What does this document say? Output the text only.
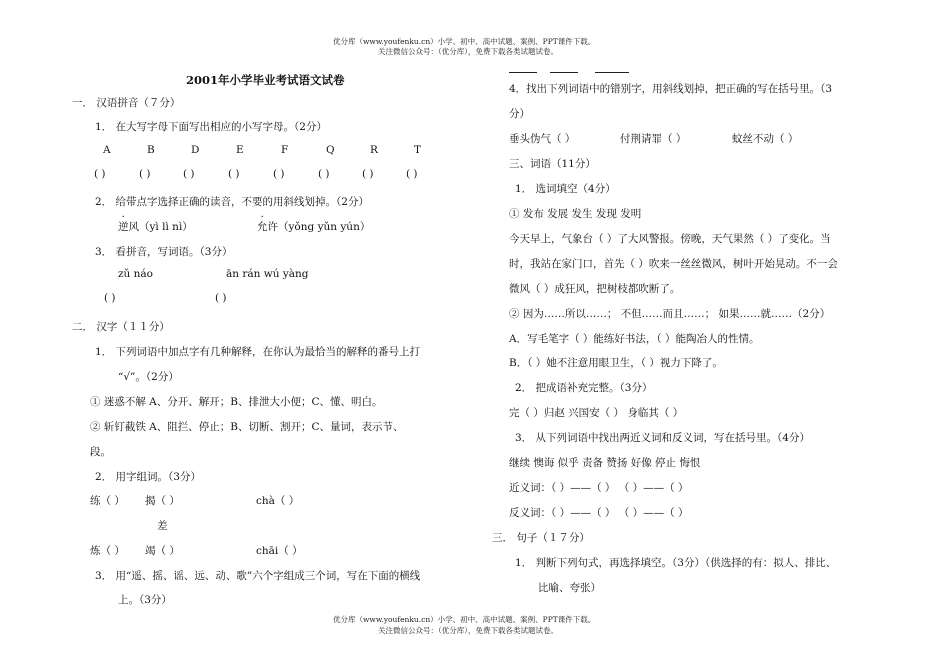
优分库（www.youfenku.cn）小学、初中、高中试题、案例、PPT课件下载。
关注微信公众号：（优分库），免费下载各类试题试卷。
2001年小学毕业考试语文试卷
一． 汉语拼音（７分）
1． 在大写字母下面写出相应的小写字母。（2分）
A	B	D	E	F	Q	R	T
( )	( )	( )	( )	( )	( )	( )	( )
2． 给带点字选择正确的读音，不要的用斜线划掉。（2分）
逆风（yì lì nì）	允许（yǒng yǔn yún）
3． 看拼音，写词语。（3分）
zǔ náo	ān rán wú yàng
( )	( )
二． 汉字（１１分）
1． 下列词语中加点字有几种解释，在你认为最恰当的解释的番号上打
“√”。（2分）
① 迷惑不解 A、分开、解开；B、排泄大小便；C、懂、明白。
② 斩钉截铁 A、阻拦、停止；B、切断、割开；C、量词，表示节、
段。
2． 用字组词。（3分）
练（ ） 揭（ ）	chà（ ）
差
炼（ ） 竭（ ）	chāi（ ）
3． 用“遥、摇、谣、远、动、歌”六个字组成三个词，写在下面的横线
上。（3分）
4．找出下列词语中的错别字，用斜线划掉，把正确的写在括号里。（3
分）
垂头伪气（ ）	付荆请罪（ ）	蚊丝不动（ ）
三、词语（11分）
1． 选词填空（4分）
① 发布 发展 发生 发现 发明
今天早上，气象台（ ）了大风警报。傍晚，天气果然（ ）了变化。当
时，我站在家门口，首先（ ）吹来一丝丝微风，树叶开始晃动。不一会
微风（ ）成狂风，把树枝都吹断了。
② 因为……所以……； 不但……而且……； 如果……就……（2分）
A．写毛笔字（ ）能练好书法，（ ）能陶冶人的性情。
B．（ ）她不注意用眼卫生，（ ）视力下降了。
2． 把成语补充完整。（3分）
完（ ）归赵 兴国安（ ） 身临其（ ）
3． 从下列词语中找出两近义词和反义词，写在括号里。（4分）
继续 懊诲 似乎 责备 赞扬 好像 停止 悔恨
近义词：（ ）——（ ） （ ）——（ ）
反义词：（ ）——（ ） （ ）——（ ）
三． 句子（１７分）
1． 判断下列句式，再选择填空。（3分）（供选择的有：拟人、排比、
比喻、夸张）
优分库（www.youfenku.cn）小学、初中、高中试题、案例、PPT课件下载。
关注微信公众号：（优分库），免费下载各类试题试卷。
